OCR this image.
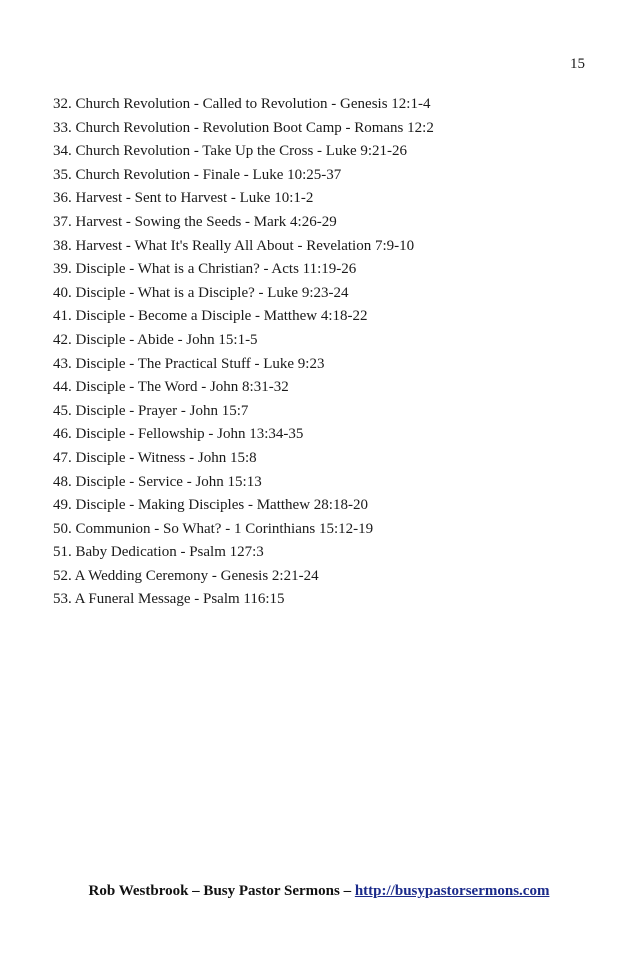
15
32. Church Revolution - Called to Revolution - Genesis 12:1-4
33. Church Revolution - Revolution Boot Camp - Romans 12:2
34. Church Revolution - Take Up the Cross - Luke 9:21-26
35. Church Revolution - Finale - Luke 10:25-37
36. Harvest - Sent to Harvest - Luke 10:1-2
37. Harvest - Sowing the Seeds - Mark 4:26-29
38. Harvest - What It's Really All About - Revelation 7:9-10
39. Disciple - What is a Christian? - Acts 11:19-26
40. Disciple - What is a Disciple? - Luke 9:23-24
41. Disciple - Become a Disciple - Matthew 4:18-22
42. Disciple - Abide - John 15:1-5
43. Disciple - The Practical Stuff - Luke 9:23
44. Disciple - The Word - John 8:31-32
45. Disciple - Prayer - John 15:7
46. Disciple - Fellowship - John 13:34-35
47. Disciple - Witness - John 15:8
48. Disciple - Service - John 15:13
49. Disciple - Making Disciples - Matthew 28:18-20
50. Communion - So What? - 1 Corinthians 15:12-19
51. Baby Dedication - Psalm 127:3
52. A Wedding Ceremony - Genesis 2:21-24
53. A Funeral Message - Psalm 116:15
Rob Westbrook – Busy Pastor Sermons – http://busypastorsermons.com
